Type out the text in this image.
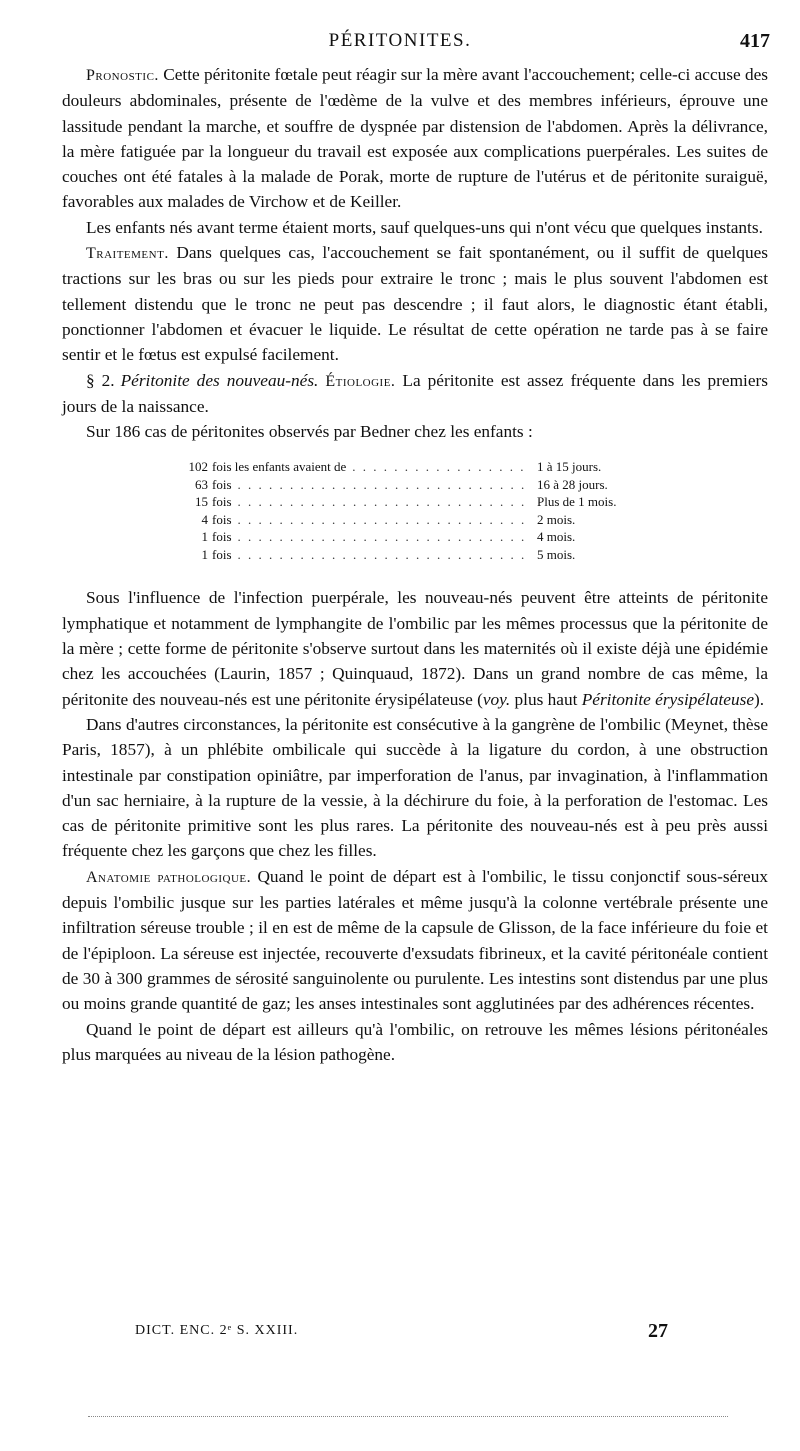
PÉRITONITES.	417

Pronostic. Cette péritonite fœtale peut réagir sur la mère avant l'accouchement; celle-ci accuse des douleurs abdominales, présente de l'œdème de la vulve et des membres inférieurs, éprouve une lassitude pendant la marche, et souffre de dyspnée par distension de l'abdomen. Après la délivrance, la mère fatiguée par la longueur du travail est exposée aux complications puerpérales. Les suites de couches ont été fatales à la malade de Porak, morte de rupture de l'utérus et de péritonite suraiguë, favorables aux malades de Virchow et de Keiller.

Les enfants nés avant terme étaient morts, sauf quelques-uns qui n'ont vécu que quelques instants.

Traitement. Dans quelques cas, l'accouchement se fait spontanément, ou il suffit de quelques tractions sur les bras ou sur les pieds pour extraire le tronc ; mais le plus souvent l'abdomen est tellement distendu que le tronc ne peut pas descendre ; il faut alors, le diagnostic étant établi, ponctionner l'abdomen et évacuer le liquide. Le résultat de cette opération ne tarde pas à se faire sentir et le fœtus est expulsé facilement.

§ 2. Péritonite des nouveau-nés. Étiologie. La péritonite est assez fréquente dans les premiers jours de la naissance.

Sur 186 cas de péritonites observés par Bedner chez les enfants :

102 fois les enfants avaient de . . .	1 à 15 jours.
63 fois . . .	16 à 28 jours.
15 fois . . .	Plus de 1 mois.
4 fois . . .	2 mois.
1 fois . . .	4 mois.
1 fois . . .	5 mois.

Sous l'influence de l'infection puerpérale, les nouveau-nés peuvent être atteints de péritonite lymphatique et notamment de lymphangite de l'ombilic par les mêmes processus que la péritonite de la mère ; cette forme de péritonite s'observe surtout dans les maternités où il existe déjà une épidémie chez les accouchées (Laurin, 1857 ; Quinquaud, 1872). Dans un grand nombre de cas même, la péritonite des nouveau-nés est une péritonite érysipélateuse (voy. plus haut Péritonite érysipélateuse).

Dans d'autres circonstances, la péritonite est consécutive à la gangrène de l'ombilic (Meynet, thèse Paris, 1857), à un phlébite ombilicale qui succède à la ligature du cordon, à une obstruction intestinale par constipation opiniâtre, par imperforation de l'anus, par invagination, à l'inflammation d'un sac herniaire, à la rupture de la vessie, à la déchirure du foie, à la perforation de l'estomac. Les cas de péritonite primitive sont les plus rares. La péritonite des nouveau-nés est à peu près aussi fréquente chez les garçons que chez les filles.

Anatomie pathologique. Quand le point de départ est à l'ombilic, le tissu conjonctif sous-séreux depuis l'ombilic jusque sur les parties latérales et même jusqu'à la colonne vertébrale présente une infiltration séreuse trouble ; il en est de même de la capsule de Glisson, de la face inférieure du foie et de l'épiploon. La séreuse est injectée, recouverte d'exsudats fibrineux, et la cavité péritonéale contient de 30 à 300 grammes de sérosité sanguinolente ou purulente. Les intestins sont distendus par une plus ou moins grande quantité de gaz; les anses intestinales sont agglutinées par des adhérences récentes.

Quand le point de départ est ailleurs qu'à l'ombilic, on retrouve les mêmes lésions péritonéales plus marquées au niveau de la lésion pathogène.

DICT. ENC. 2ᵉ S. XXIII.	27
